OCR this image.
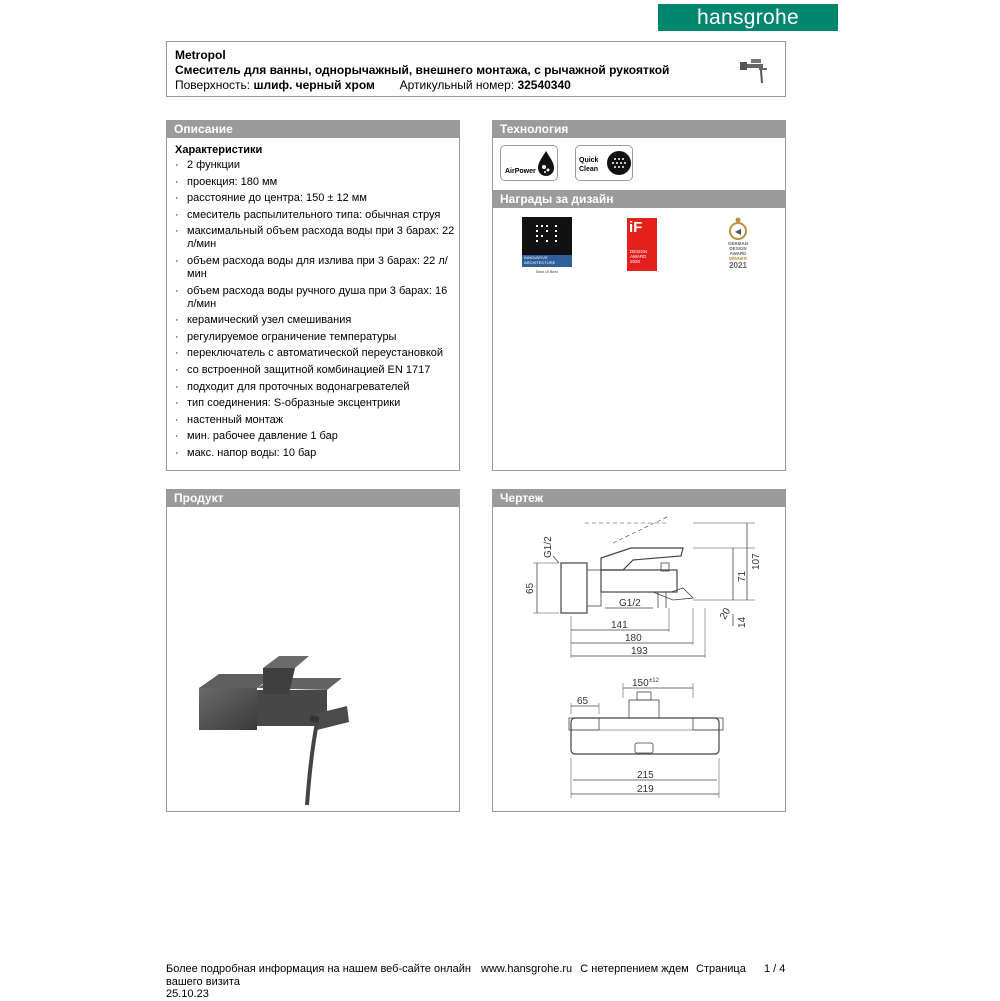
hansgrohe
Metropol
Смеситель для ванны, однорычажный, внешнего монтажа, с рычажной рукояткой
Поверхность: шлиф. черный хром Артикульный номер: 32540340
Описание
Характеристики
· 2 функции
· проекция: 180 мм
· расстояние до центра: 150 ± 12 мм
· смеситель распылительного типа: обычная струя
· максимальный объем расхода воды при 3 барах: 22 л/мин
· объем расхода воды для излива при 3 барах: 22 л/мин
· объем расхода воды ручного душа при 3 барах: 16 л/мин
· керамический узел смешивания
· регулируемое ограничение температуры
· переключатель с автоматической переустановкой
· со встроенной защитной комбинацией EN 1717
· подходит для проточных водонагревателей
· тип соединения: S-образные эксцентрики
· настенный монтаж
· мин. рабочее давление 1 бар
· макс. напор воды: 10 бар
Технология
AirPower
Quick
Clean
Награды за дизайн
INNOVATIVE
ARCHITECTURE
Best of Best
iF
DESIGN
AWARD
2020
◀
GERMAN
DESIGN
AWARD
WINNER
2021
Продукт	Чертеж
G1/2
65
107
71
G1/2
20
14
141
180
193
150 ±12
65
215
219
Более подробная информация на нашем веб-сайте онлайн www.hansgrohe.ru С нетерпением ждем
вашего визита
25.10.23
Страница 1 / 4
